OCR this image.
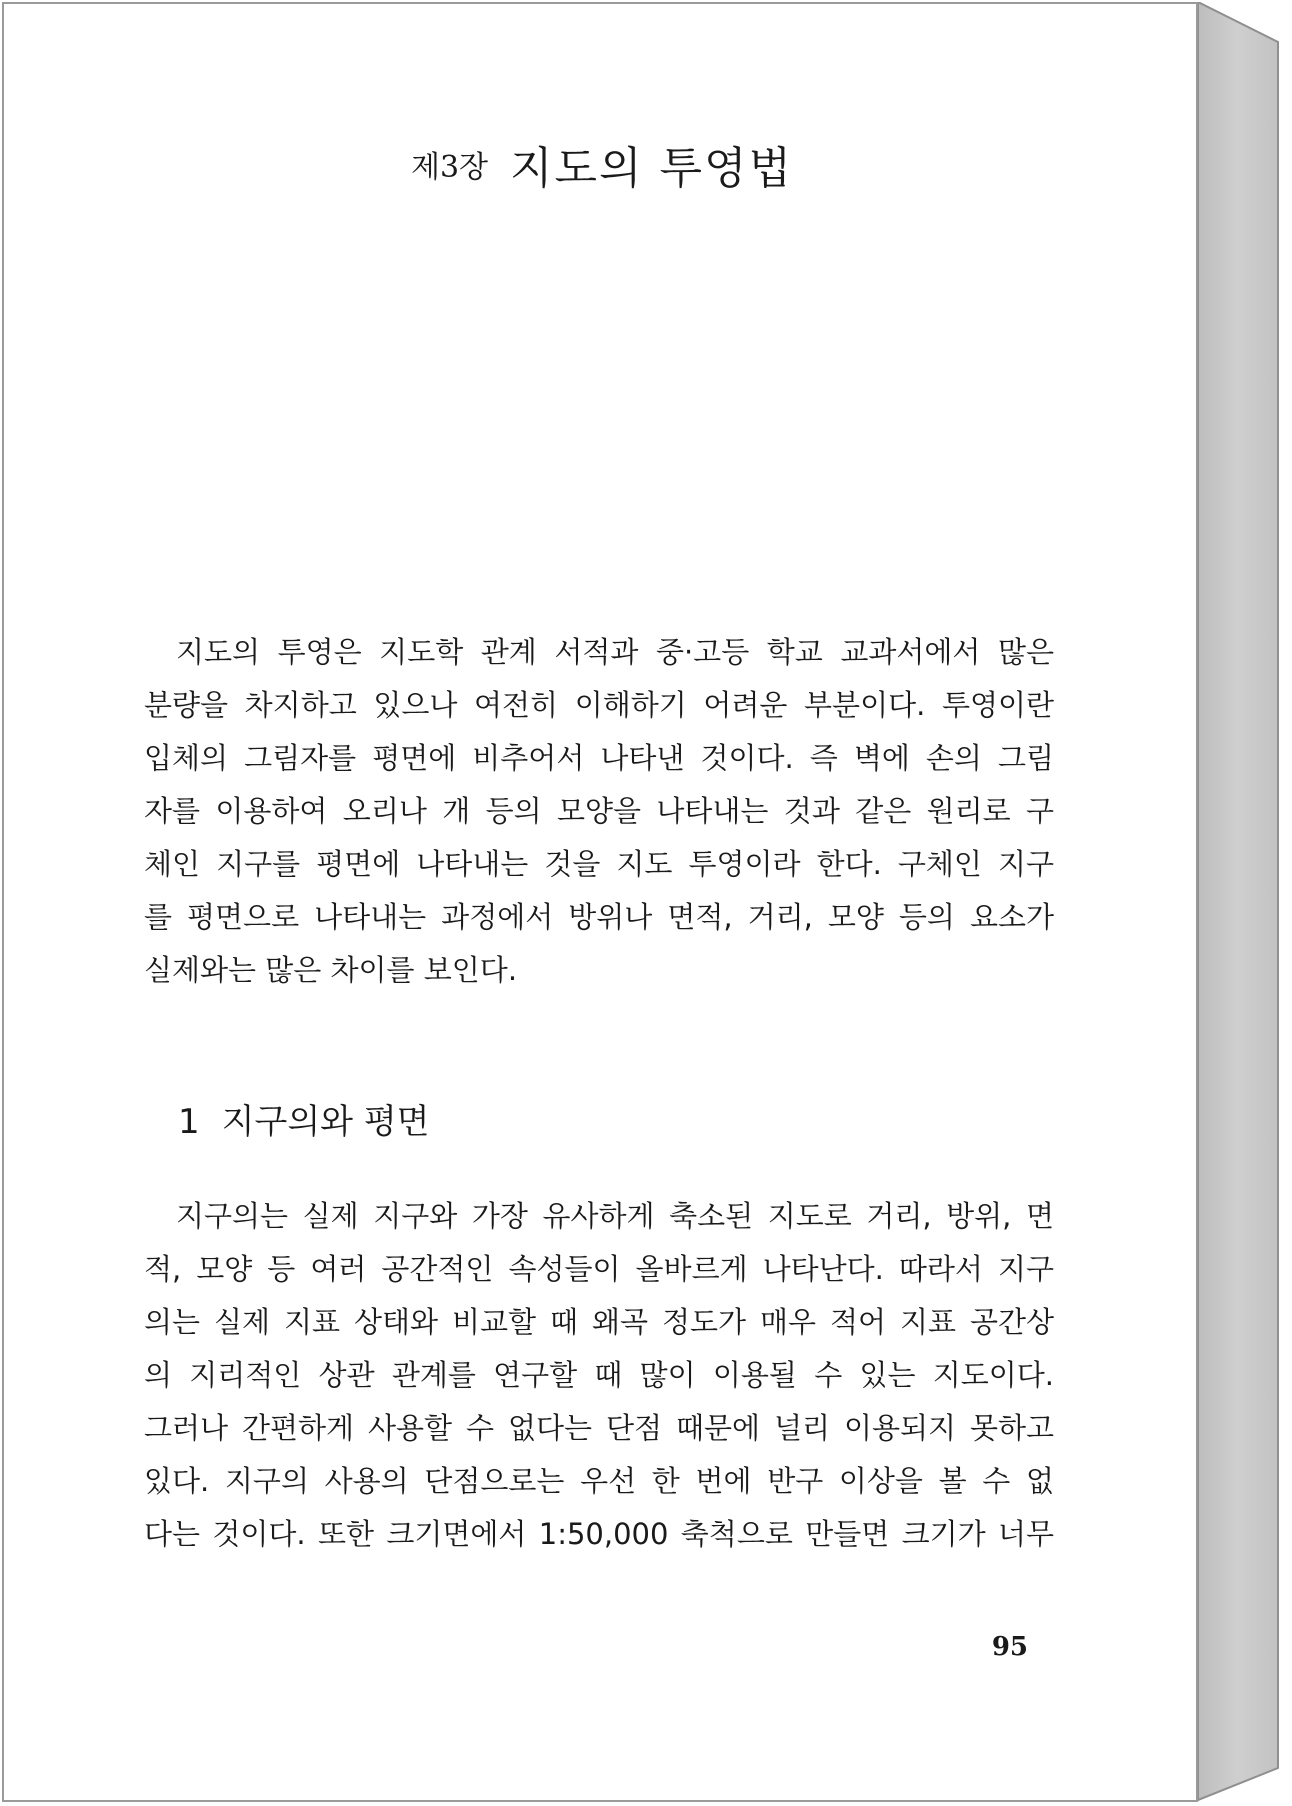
제3장 지도의 투영법
지도의 투영은 지도학 관계 서적과 중·고등 학교 교과서에서 많은
분량을 차지하고 있으나 여전히 이해하기 어려운 부분이다. 투영이란
입체의 그림자를 평면에 비추어서 나타낸 것이다. 즉 벽에 손의 그림
자를 이용하여 오리나 개 등의 모양을 나타내는 것과 같은 원리로 구
체인 지구를 평면에 나타내는 것을 지도 투영이라 한다. 구체인 지구
를 평면으로 나타내는 과정에서 방위나 면적, 거리, 모양 등의 요소가
실제와는 많은 차이를 보인다.
1 지구의와 평면
지구의는 실제 지구와 가장 유사하게 축소된 지도로 거리, 방위, 면
적, 모양 등 여러 공간적인 속성들이 올바르게 나타난다. 따라서 지구
의는 실제 지표 상태와 비교할 때 왜곡 정도가 매우 적어 지표 공간상
의 지리적인 상관 관계를 연구할 때 많이 이용될 수 있는 지도이다.
그러나 간편하게 사용할 수 없다는 단점 때문에 널리 이용되지 못하고
있다. 지구의 사용의 단점으로는 우선 한 번에 반구 이상을 볼 수 없
다는 것이다. 또한 크기면에서 1:50,000 축척으로 만들면 크기가 너무
95
